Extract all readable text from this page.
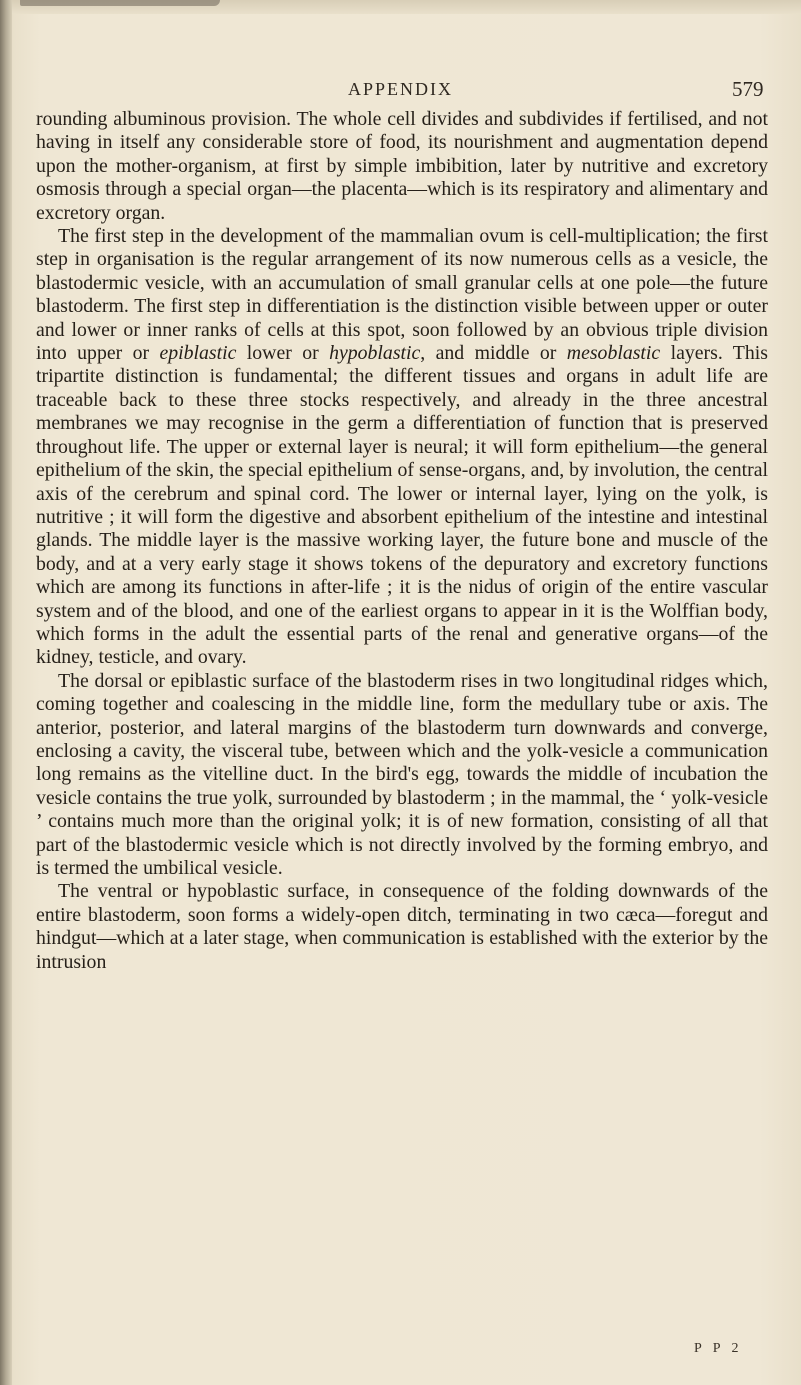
APPENDIX	579

rounding albuminous provision. The whole cell divides and subdivides if fertilised, and not having in itself any considerable store of food, its nourishment and augmentation depend upon the mother-organism, at first by simple imbibition, later by nutritive and excretory osmosis through a special organ—the placenta—which is its respiratory and alimentary and excretory organ.

The first step in the development of the mammalian ovum is cell-multiplication; the first step in organisation is the regular arrangement of its now numerous cells as a vesicle, the blastodermic vesicle, with an accumulation of small granular cells at one pole—the future blastoderm. The first step in differentiation is the distinction visible between upper or outer and lower or inner ranks of cells at this spot, soon followed by an obvious triple division into upper or epiblastic lower or hypoblastic, and middle or mesoblastic layers. This tripartite distinction is fundamental; the different tissues and organs in adult life are traceable back to these three stocks respectively, and already in the three ancestral membranes we may recognise in the germ a differentiation of function that is preserved throughout life. The upper or external layer is neural; it will form epithelium—the general epithelium of the skin, the special epithelium of sense-organs, and, by involution, the central axis of the cerebrum and spinal cord. The lower or internal layer, lying on the yolk, is nutritive ; it will form the digestive and absorbent epithelium of the intestine and intestinal glands. The middle layer is the massive working layer, the future bone and muscle of the body, and at a very early stage it shows tokens of the depuratory and excretory functions which are among its functions in after-life ; it is the nidus of origin of the entire vascular system and of the blood, and one of the earliest organs to appear in it is the Wolffian body, which forms in the adult the essential parts of the renal and generative organs—of the kidney, testicle, and ovary.

The dorsal or epiblastic surface of the blastoderm rises in two longitudinal ridges which, coming together and coalescing in the middle line, form the medullary tube or axis. The anterior, posterior, and lateral margins of the blastoderm turn downwards and converge, enclosing a cavity, the visceral tube, between which and the yolk-vesicle a communication long remains as the vitelline duct. In the bird's egg, towards the middle of incubation the vesicle contains the true yolk, surrounded by blastoderm ; in the mammal, the ‘ yolk-vesicle ’ contains much more than the original yolk; it is of new formation, consisting of all that part of the blastodermic vesicle which is not directly involved by the forming embryo, and is termed the umbilical vesicle.

The ventral or hypoblastic surface, in consequence of the folding downwards of the entire blastoderm, soon forms a widely-open ditch, terminating in two cæca—foregut and hindgut—which at a later stage, when communication is established with the exterior by the intrusion

P P 2
